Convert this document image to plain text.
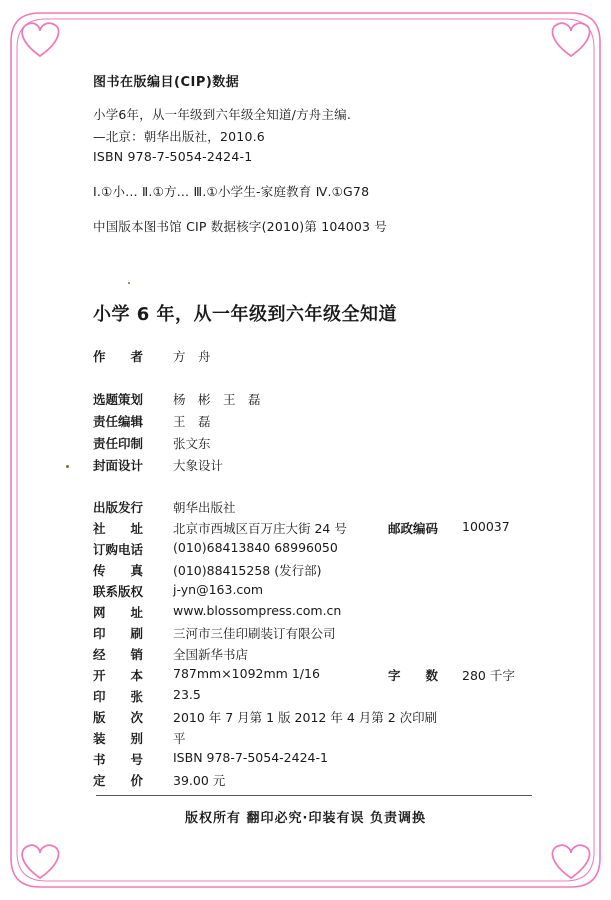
图书在版编目(CIP)数据
小学6年，从一年级到六年级全知道/方舟主编.
—北京：朝华出版社，2010.6
ISBN 978-7-5054-2424-1
Ⅰ.①小… Ⅱ.①方… Ⅲ.①小学生-家庭教育 Ⅳ.①G78
中国版本图书馆 CIP 数据核字(2010)第 104003 号
小学 6 年，从一年级到六年级全知道
作　　者	方　舟
选题策划	杨　彬　王　磊
责任编辑	王　磊
责任印制	张文东
封面设计	大象设计
出版发行	朝华出版社
社　　址	北京市西城区百万庄大街 24 号	邮政编码	100037
订购电话	(010)68413840 68996050
传　　真	(010)88415258 (发行部)
联系版权	j-yn@163.com
网　　址	www.blossompress.com.cn
印　　刷	三河市三佳印刷装订有限公司
经　　销	全国新华书店
开　　本	787mm×1092mm 1/16	字　　数	280 千字
印　　张	23.5
版　　次	2010 年 7 月第 1 版 2012 年 4 月第 2 次印刷
装　　别	平
书　　号	ISBN 978-7-5054-2424-1
定　　价	39.00 元
版权所有 翻印必究·印装有误 负责调换
